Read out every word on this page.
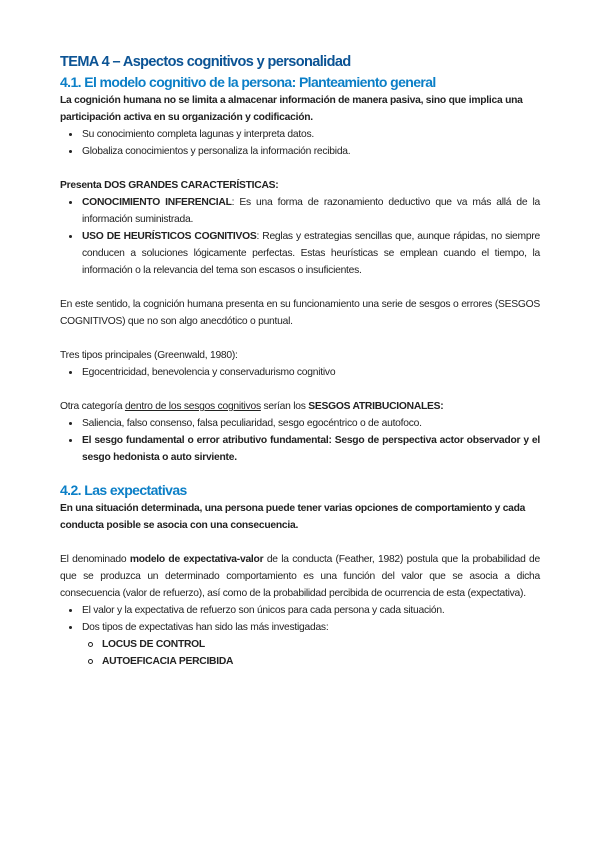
TEMA 4 – Aspectos cognitivos y personalidad
4.1. El modelo cognitivo de la persona: Planteamiento general

La cognición humana no se limita a almacenar información de manera pasiva, sino que implica una participación activa en su organización y codificación.

Su conocimiento completa lagunas y interpreta datos.
Globaliza conocimientos y personaliza la información recibida.

Presenta DOS GRANDES CARACTERÍSTICAS:

CONOCIMIENTO INFERENCIAL: Es una forma de razonamiento deductivo que va más allá de la información suministrada.
USO DE HEURÍSTICOS COGNITIVOS: Reglas y estrategias sencillas que, aunque rápidas, no siempre conducen a soluciones lógicamente perfectas. Estas heurísticas se emplean cuando el tiempo, la información o la relevancia del tema son escasos o insuficientes.

En este sentido, la cognición humana presenta en su funcionamiento una serie de sesgos o errores (SESGOS COGNITIVOS) que no son algo anecdótico o puntual.

Tres tipos principales (Greenwald, 1980):

Egocentricidad, benevolencia y conservadurismo cognitivo

Otra categoría dentro de los sesgos cognitivos serían los SESGOS ATRIBUCIONALES:

Saliencia, falso consenso, falsa peculiaridad, sesgo egocéntrico o de autofoco.
El sesgo fundamental o error atributivo fundamental: Sesgo de perspectiva actor observador y el sesgo hedonista o auto sirviente.
4.2. Las expectativas

En una situación determinada, una persona puede tener varias opciones de comportamiento y cada conducta posible se asocia con una consecuencia.

El denominado modelo de expectativa-valor de la conducta (Feather, 1982) postula que la probabilidad de que se produzca un determinado comportamiento es una función del valor que se asocia a dicha consecuencia (valor de refuerzo), así como de la probabilidad percibida de ocurrencia de esta (expectativa).

El valor y la expectativa de refuerzo son únicos para cada persona y cada situación.
Dos tipos de expectativas han sido las más investigadas:
LOCUS DE CONTROL
AUTOEFICACIA PERCIBIDA
